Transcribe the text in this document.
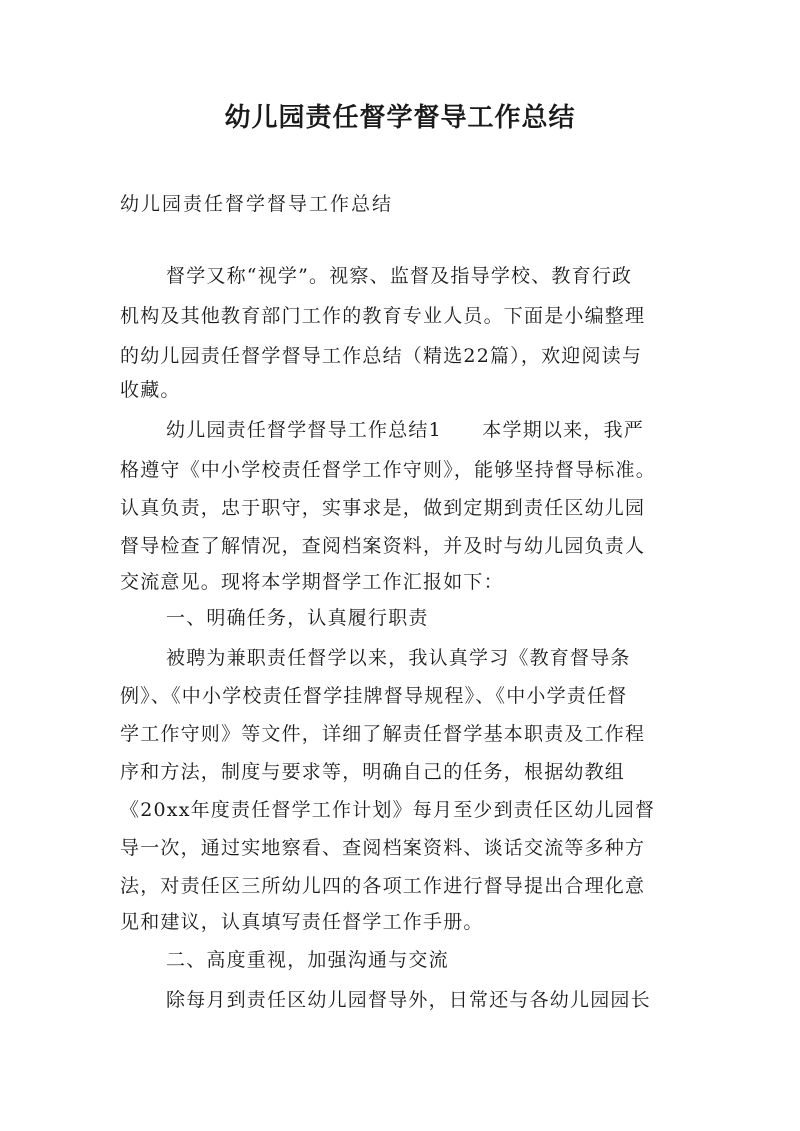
幼儿园责任督学督导工作总结
幼儿园责任督学督导工作总结
督学又称“视学”。视察、监督及指导学校、教育行政
机构及其他教育部门工作的教育专业人员。下面是小编整理
的幼儿园责任督学督导工作总结（精选22篇），欢迎阅读与
收藏。
幼儿园责任督学督导工作总结1　　本学期以来，我严
格遵守《中小学校责任督学工作守则》，能够坚持督导标准。
认真负责，忠于职守，实事求是，做到定期到责任区幼儿园
督导检查了解情况，查阅档案资料，并及时与幼儿园负责人
交流意见。现将本学期督学工作汇报如下：
一、明确任务，认真履行职责
被聘为兼职责任督学以来，我认真学习《教育督导条
例》、《中小学校责任督学挂牌督导规程》、《中小学责任督
学工作守则》等文件，详细了解责任督学基本职责及工作程
序和方法，制度与要求等，明确自己的任务，根据幼教组
《20xx年度责任督学工作计划》每月至少到责任区幼儿园督
导一次，通过实地察看、查阅档案资料、谈话交流等多种方
法，对责任区三所幼儿四的各项工作进行督导提出合理化意
见和建议，认真填写责任督学工作手册。
二、高度重视，加强沟通与交流
除每月到责任区幼儿园督导外，日常还与各幼儿园园长
